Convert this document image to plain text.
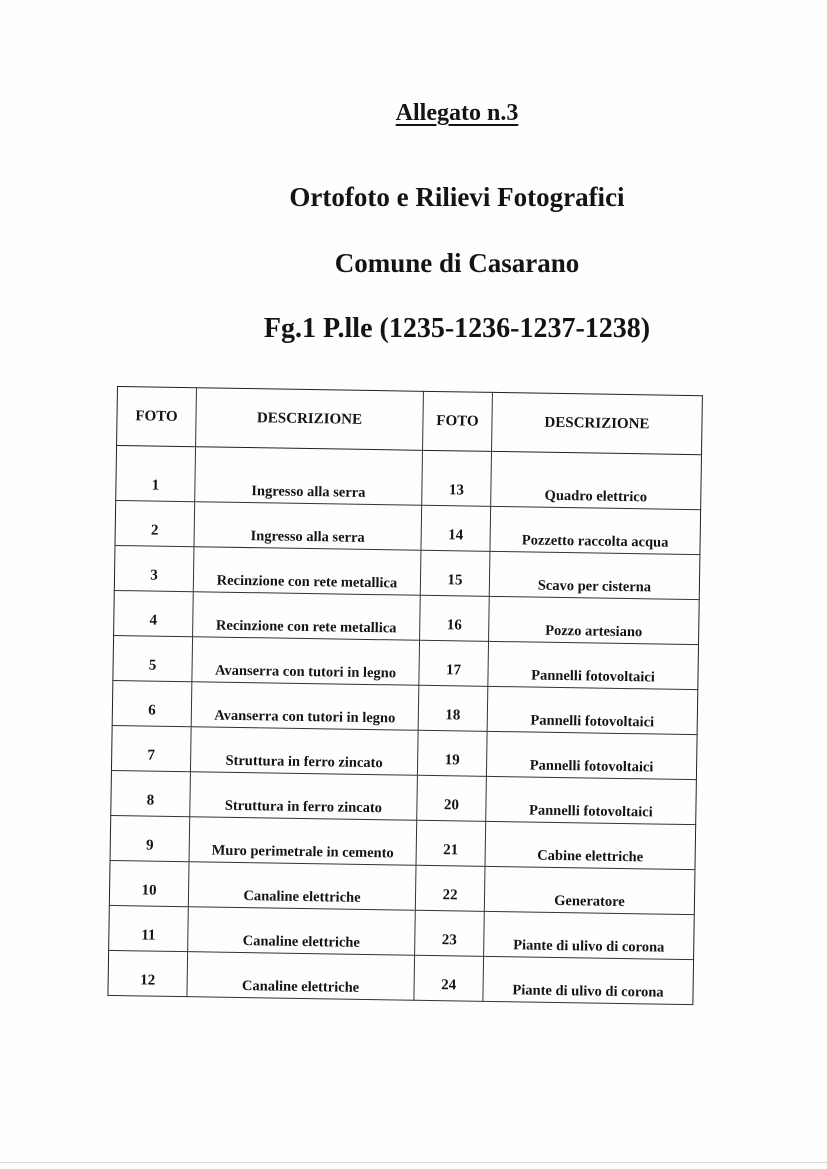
Allegato n.3
Ortofoto e Rilievi Fotografici
Comune di Casarano
Fg.1 P.lle (1235-1236-1237-1238)
FOTO	DESCRIZIONE	FOTO	DESCRIZIONE

1	Ingresso alla serra	13	Quadro elettrico
2	Ingresso alla serra	14	Pozzetto raccolta acqua
3	Recinzione con rete metallica	15	Scavo per cisterna
4	Recinzione con rete metallica	16	Pozzo artesiano
5	Avanserra con tutori in legno	17	Pannelli fotovoltaici
6	Avanserra con tutori in legno	18	Pannelli fotovoltaici
7	Struttura in ferro zincato	19	Pannelli fotovoltaici
8	Struttura in ferro zincato	20	Pannelli fotovoltaici
9	Muro perimetrale in cemento	21	Cabine elettriche
10	Canaline elettriche	22	Generatore
11	Canaline elettriche	23	Piante di ulivo di corona
12	Canaline elettriche	24	Piante di ulivo di corona
